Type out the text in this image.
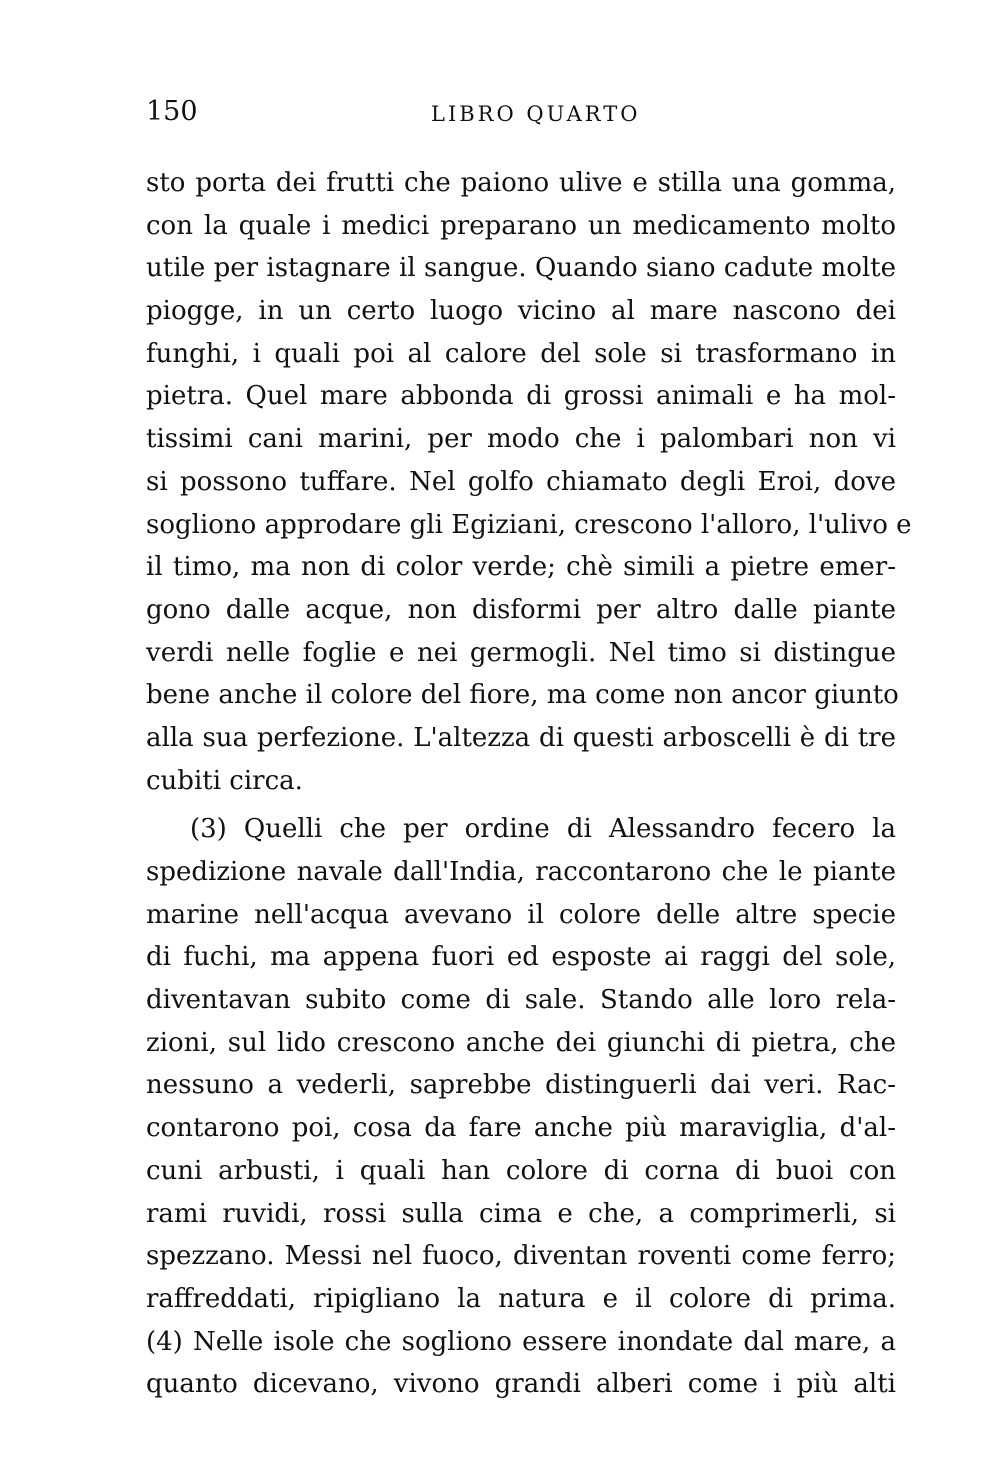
150	LIBRO QUARTO
sto porta dei frutti che paiono ulive e stilla una gomma,
con la quale i medici preparano un medicamento molto
utile per istagnare il sangue. Quando siano cadute molte
piogge, in un certo luogo vicino al mare nascono dei
funghi, i quali poi al calore del sole si trasformano in
pietra. Quel mare abbonda di grossi animali e ha mol-
tissimi cani marini, per modo che i palombari non vi
si possono tuffare. Nel golfo chiamato degli Eroi, dove
sogliono approdare gli Egiziani, crescono l'alloro, l'ulivo e
il timo, ma non di color verde; chè simili a pietre emer-
gono dalle acque, non disformi per altro dalle piante
verdi nelle foglie e nei germogli. Nel timo si distingue
bene anche il colore del fiore, ma come non ancor giunto
alla sua perfezione. L'altezza di questi arboscelli è di tre
cubiti circa.
(3) Quelli che per ordine di Alessandro fecero la
spedizione navale dall'India, raccontarono che le piante
marine nell'acqua avevano il colore delle altre specie
di fuchi, ma appena fuori ed esposte ai raggi del sole,
diventavan subito come di sale. Stando alle loro rela-
zioni, sul lido crescono anche dei giunchi di pietra, che
nessuno a vederli, saprebbe distinguerli dai veri. Rac-
contarono poi, cosa da fare anche più maraviglia, d'al-
cuni arbusti, i quali han colore di corna di buoi con
rami ruvidi, rossi sulla cima e che, a comprimerli, si
spezzano. Messi nel fuoco, diventan roventi come ferro;
raffreddati, ripigliano la natura e il colore di prima.
(4) Nelle isole che sogliono essere inondate dal mare, a
quanto dicevano, vivono grandi alberi come i più alti
